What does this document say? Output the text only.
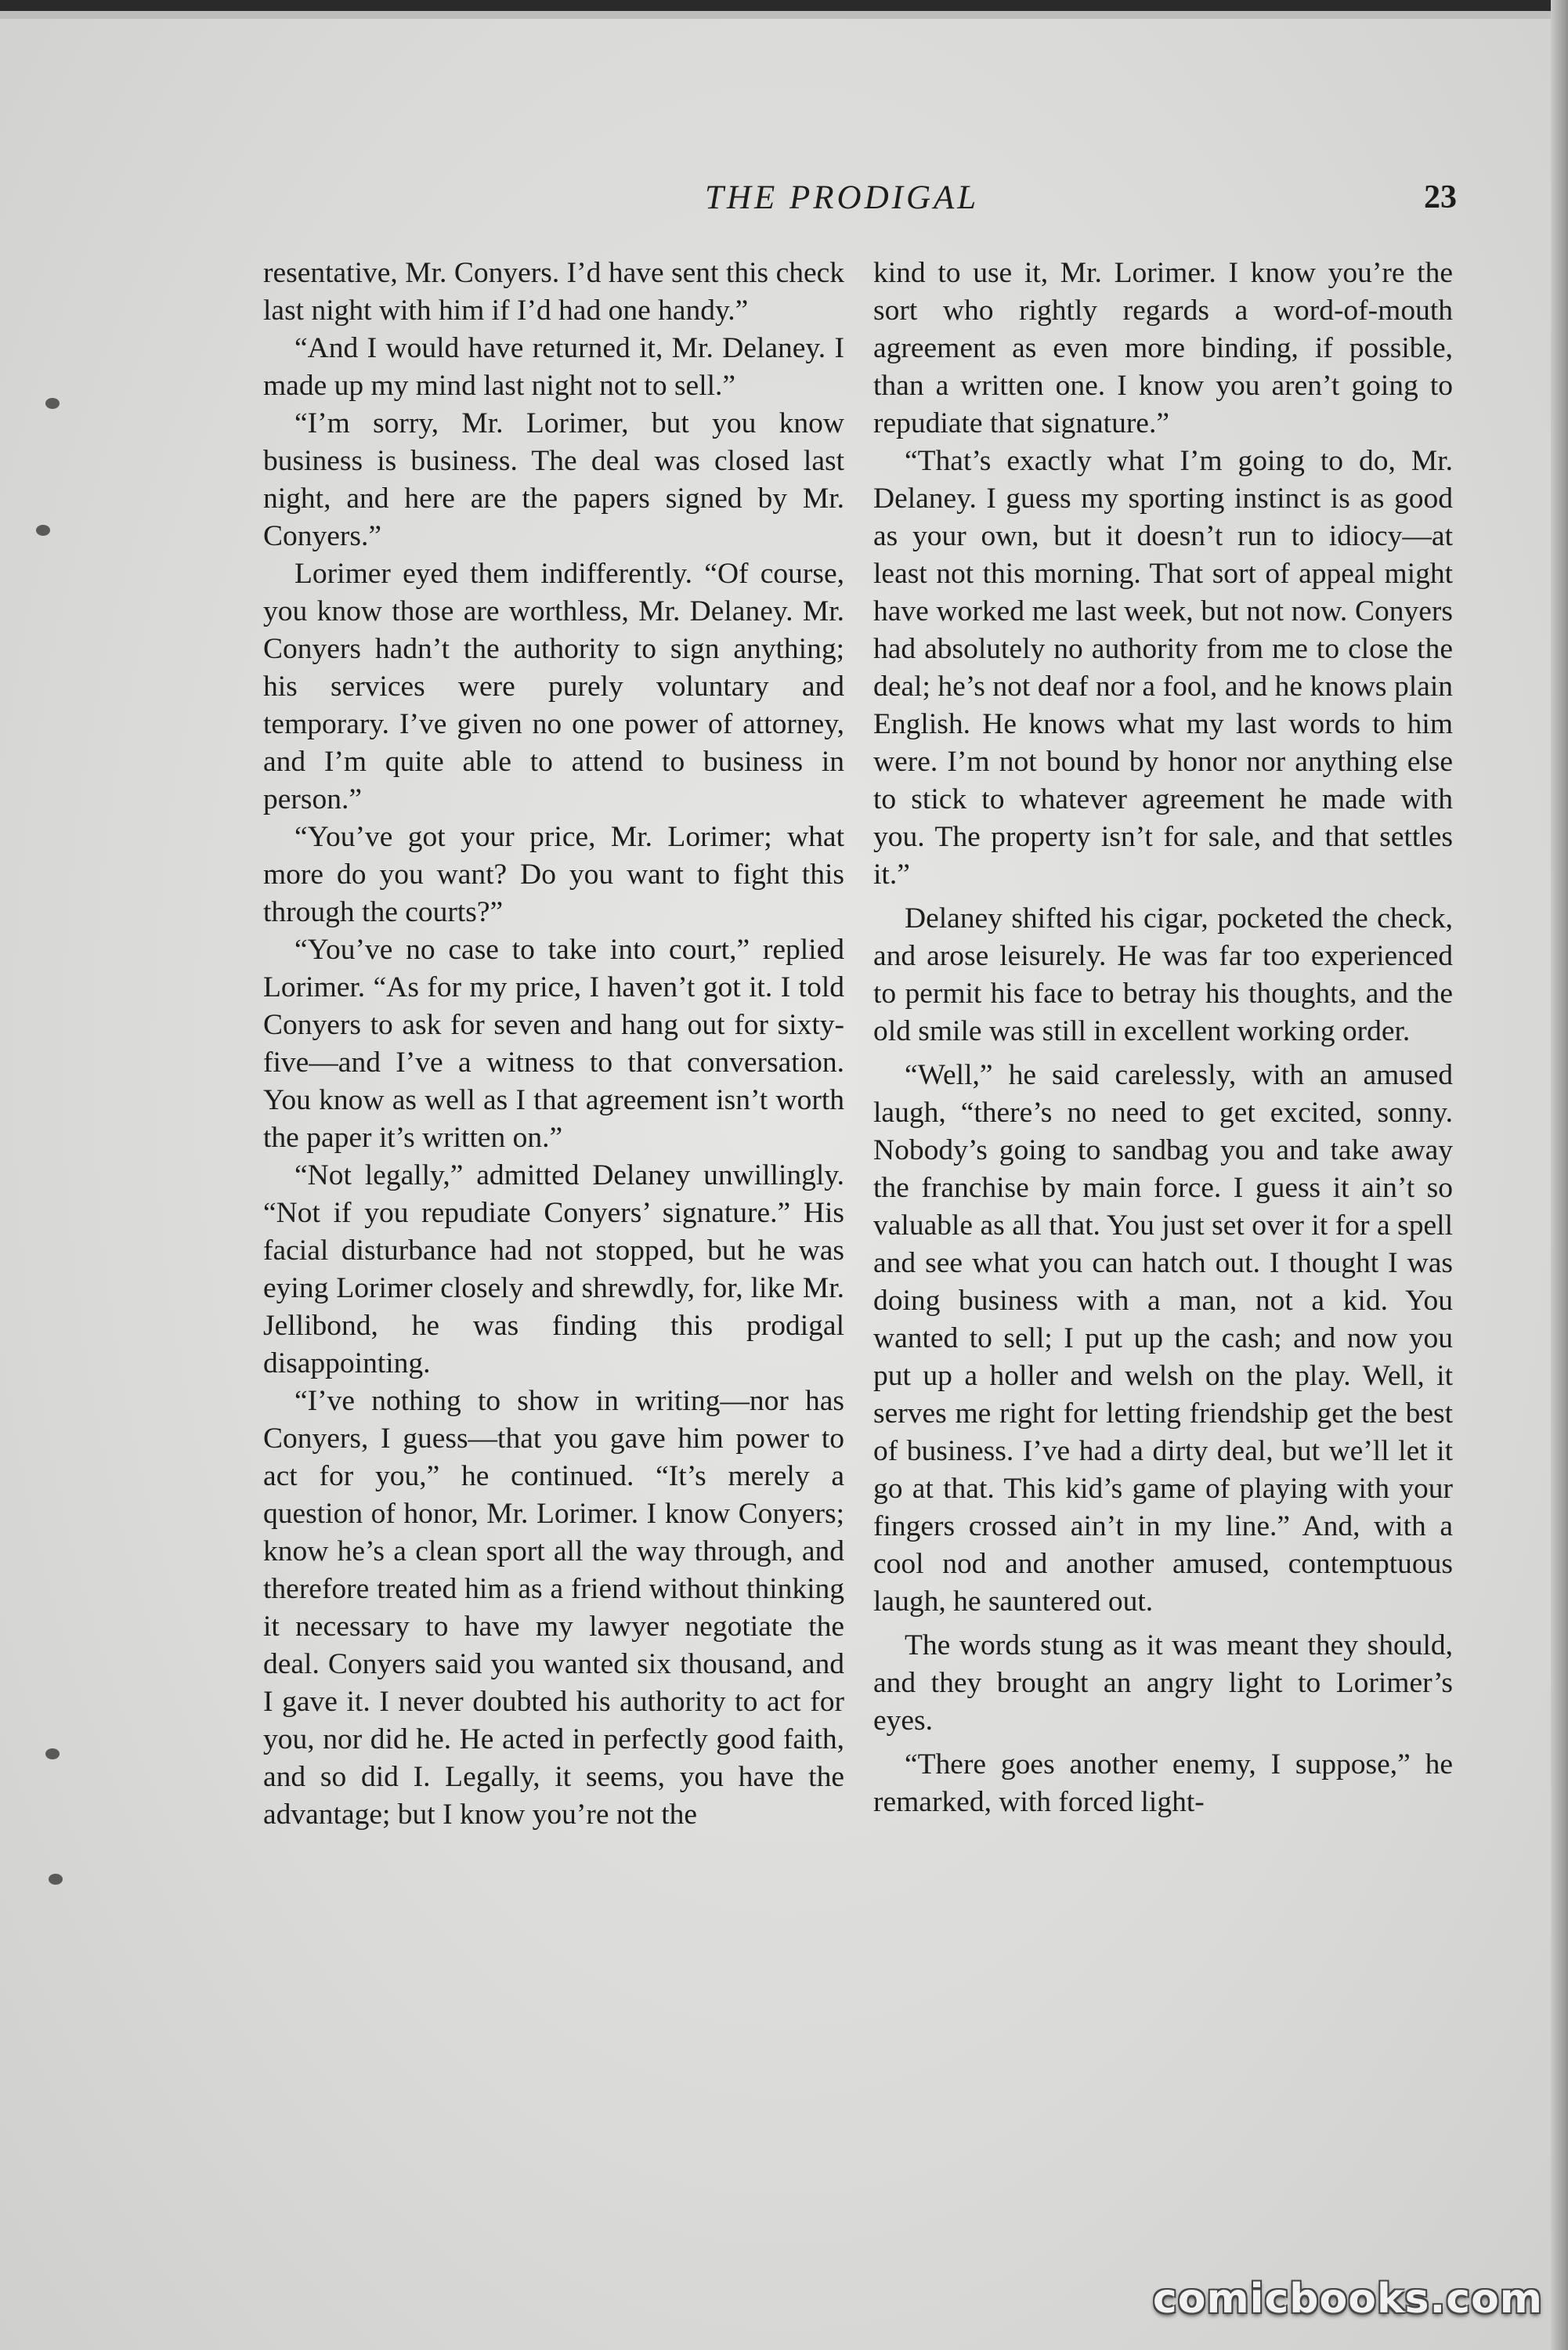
THE PRODIGAL	23

resentative, Mr. Conyers. I’d have sent this check last night with him if I’d had one handy.”

“And I would have returned it, Mr. Delaney. I made up my mind last night not to sell.”

“I’m sorry, Mr. Lorimer, but you know business is business. The deal was closed last night, and here are the papers signed by Mr. Conyers.”

Lorimer eyed them indifferently. “Of course, you know those are worthless, Mr. Delaney. Mr. Conyers hadn’t the authority to sign anything; his services were purely voluntary and temporary. I’ve given no one power of attorney, and I’m quite able to attend to business in person.”

“You’ve got your price, Mr. Lorimer; what more do you want? Do you want to fight this through the courts?”

“You’ve no case to take into court,” replied Lorimer. “As for my price, I haven’t got it. I told Conyers to ask for seven and hang out for sixty-five—and I’ve a witness to that conversation. You know as well as I that agreement isn’t worth the paper it’s written on.”

“Not legally,” admitted Delaney unwillingly. “Not if you repudiate Conyers’ signature.” His facial disturbance had not stopped, but he was eying Lorimer closely and shrewdly, for, like Mr. Jellibond, he was finding this prodigal disappointing.

“I’ve nothing to show in writing—nor has Conyers, I guess—that you gave him power to act for you,” he continued. “It’s merely a question of honor, Mr. Lorimer. I know Conyers; know he’s a clean sport all the way through, and therefore treated him as a friend without thinking it necessary to have my lawyer negotiate the deal. Conyers said you wanted six thousand, and I gave it. I never doubted his authority to act for you, nor did he. He acted in perfectly good faith, and so did I. Legally, it seems, you have the advantage; but I know you’re not the

kind to use it, Mr. Lorimer. I know you’re the sort who rightly regards a word-of-mouth agreement as even more binding, if possible, than a written one. I know you aren’t going to repudiate that signature.”

“That’s exactly what I’m going to do, Mr. Delaney. I guess my sporting instinct is as good as your own, but it doesn’t run to idiocy—at least not this morning. That sort of appeal might have worked me last week, but not now. Conyers had absolutely no authority from me to close the deal; he’s not deaf nor a fool, and he knows plain English. He knows what my last words to him were. I’m not bound by honor nor anything else to stick to whatever agreement he made with you. The property isn’t for sale, and that settles it.”

Delaney shifted his cigar, pocketed the check, and arose leisurely. He was far too experienced to permit his face to betray his thoughts, and the old smile was still in excellent working order.

“Well,” he said carelessly, with an amused laugh, “there’s no need to get excited, sonny. Nobody’s going to sandbag you and take away the franchise by main force. I guess it ain’t so valuable as all that. You just set over it for a spell and see what you can hatch out. I thought I was doing business with a man, not a kid. You wanted to sell; I put up the cash; and now you put up a holler and welsh on the play. Well, it serves me right for letting friendship get the best of business. I’ve had a dirty deal, but we’ll let it go at that. This kid’s game of playing with your fingers crossed ain’t in my line.” And, with a cool nod and another amused, contemptuous laugh, he sauntered out.

The words stung as it was meant they should, and they brought an angry light to Lorimer’s eyes.

“There goes another enemy, I suppose,” he remarked, with forced light-

comicbooks.com
